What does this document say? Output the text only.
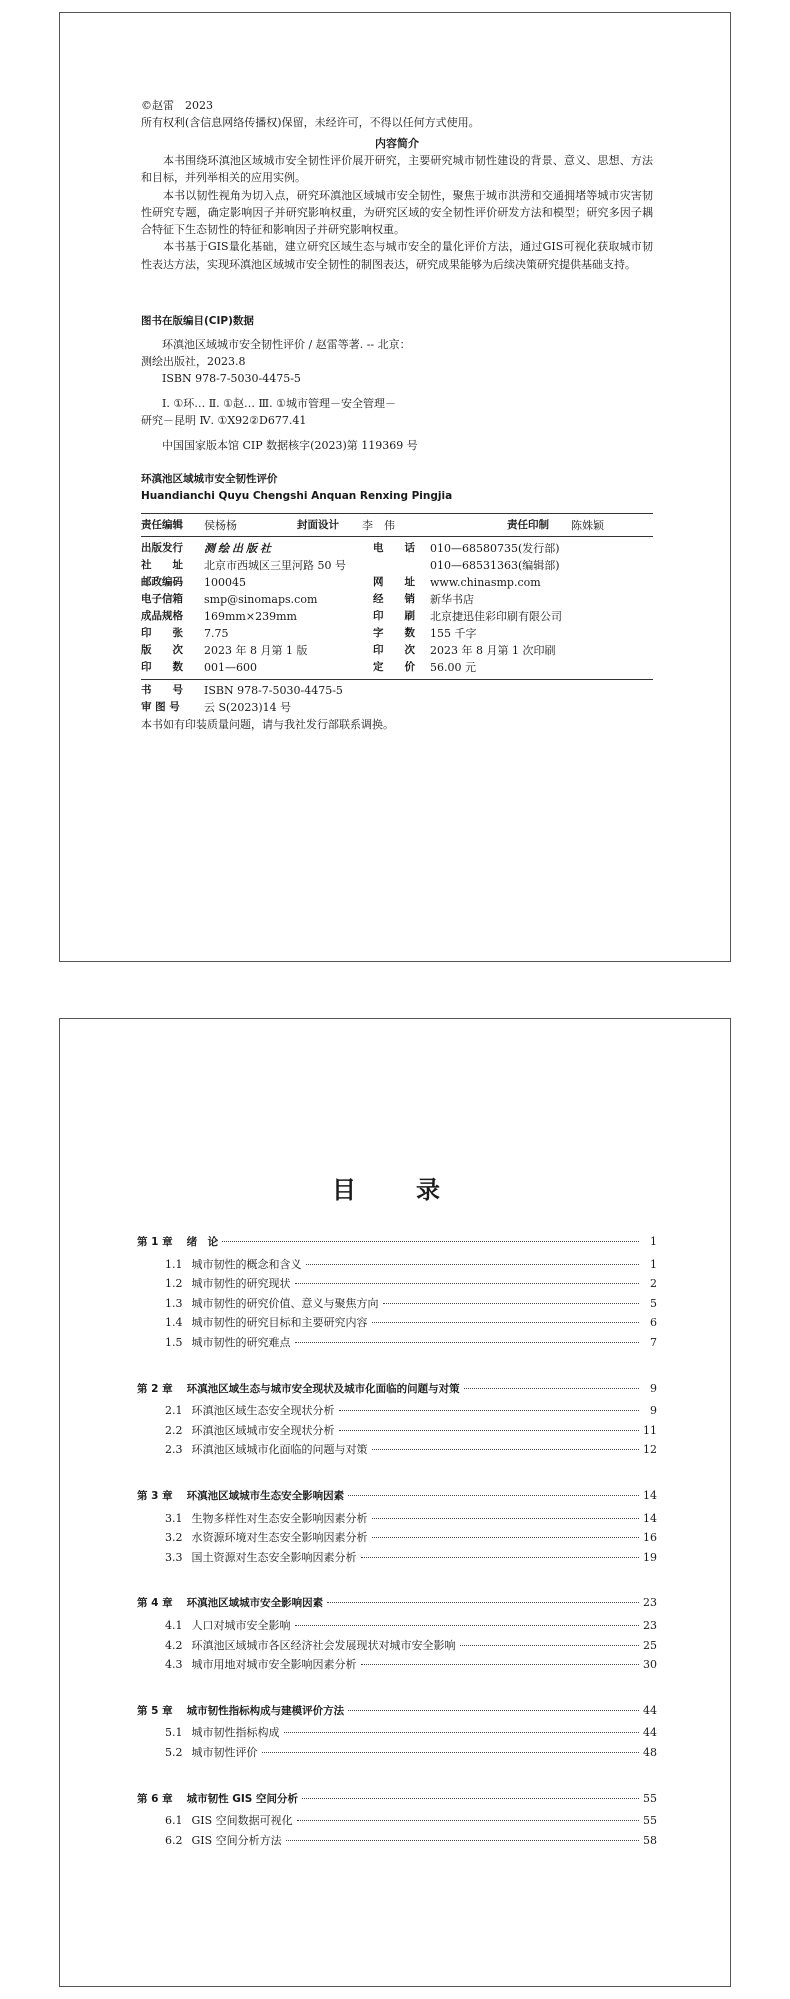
©赵雷　2023
所有权利(含信息网络传播权)保留，未经许可，不得以任何方式使用。
内容简介

本书围绕环滇池区域城市安全韧性评价展开研究，主要研究城市韧性建设的背景、意义、思想、方法和目标，并列举相关的应用实例。

本书以韧性视角为切入点，研究环滇池区域城市安全韧性，聚焦于城市洪涝和交通拥堵等城市灾害韧性研究专题，确定影响因子并研究影响权重，为研究区域的安全韧性评价研发方法和模型；研究多因子耦合特征下生态韧性的特征和影响因子并研究影响权重。

本书基于GIS量化基础，建立研究区域生态与城市安全的量化评价方法，通过GIS可视化获取城市韧性表达方法，实现环滇池区域城市安全韧性的制图表达，研究成果能够为后续决策研究提供基础支持。

图书在版编目(CIP)数据
环滇池区域城市安全韧性评价 / 赵雷等著. -- 北京：
测绘出版社，2023.8
ISBN 978-7-5030-4475-5
Ⅰ. ①环… Ⅱ. ①赵… Ⅲ. ①城市管理－安全管理－
研究－昆明 Ⅳ. ①X92②D677.41
中国国家版本馆 CIP 数据核字(2023)第 119369 号
环滇池区域城市安全韧性评价
Huandianchi Quyu Chengshi Anquan Renxing Pingjia
责任编辑 侯杨杨	封面设计 李　伟	责任印制 陈姝颖
出版发行 测绘出版社	电　　话 010—68580735(发行部)
社　　址 北京市西城区三里河路 50 号	010—68531363(编辑部)
邮政编码 100045	网　　址 www.chinasmp.com
电子信箱 smp@sinomaps.com	经　　销 新华书店
成品规格 169mm×239mm	印　　刷 北京捷迅佳彩印刷有限公司
印　　张 7.75	字　　数 155 千字
版　　次 2023 年 8 月第 1 版	印　　次 2023 年 8 月第 1 次印刷
印　　数 001—600	定　　价 56.00 元
书　　号 ISBN 978-7-5030-4475-5
审 图 号 云 S(2023)14 号
本书如有印装质量问题，请与我社发行部联系调换。
目　录
第 1 章 绪　论	1
1.1 城市韧性的概念和含义	1
1.2 城市韧性的研究现状	2
1.3 城市韧性的研究价值、意义与聚焦方向	5
1.4 城市韧性的研究目标和主要研究内容	6
1.5 城市韧性的研究难点	7
第 2 章 环滇池区域生态与城市安全现状及城市化面临的问题与对策	9
2.1 环滇池区域生态安全现状分析	9
2.2 环滇池区域城市安全现状分析	11
2.3 环滇池区域城市化面临的问题与对策	12
第 3 章 环滇池区域城市生态安全影响因素	14
3.1 生物多样性对生态安全影响因素分析	14
3.2 水资源环境对生态安全影响因素分析	16
3.3 国土资源对生态安全影响因素分析	19
第 4 章 环滇池区域城市安全影响因素	23
4.1 人口对城市安全影响	23
4.2 环滇池区域城市各区经济社会发展现状对城市安全影响	25
4.3 城市用地对城市安全影响因素分析	30
第 5 章 城市韧性指标构成与建模评价方法	44
5.1 城市韧性指标构成	44
5.2 城市韧性评价	48
第 6 章 城市韧性 GIS 空间分析	55
6.1 GIS 空间数据可视化	55
6.2 GIS 空间分析方法	58
